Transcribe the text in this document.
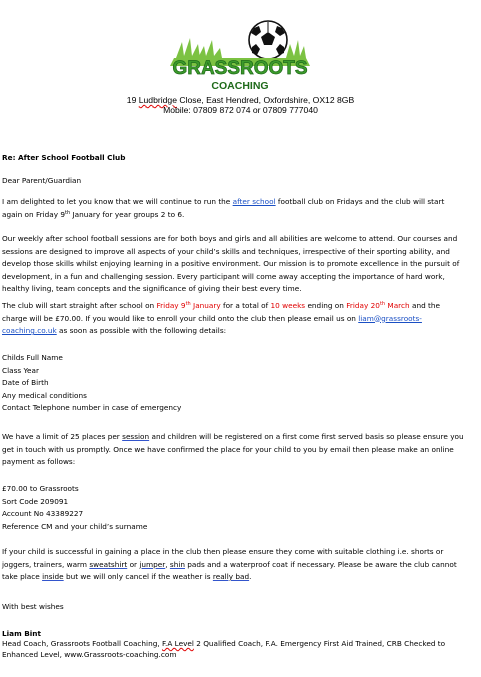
GRASSROOTS
COACHING
19 Ludbridge Close, East Hendred, Oxfordshire, OX12 8GB
Mobile: 07809 872 074 or 07809 777040
Re: After School Football Club
Dear Parent/Guardian
I am delighted to let you know that we will continue to run the after school football club on Fridays and the club will start
again on Friday 9th January for year groups 2 to 6.
Our weekly after school football sessions are for both boys and girls and all abilities are welcome to attend. Our courses and
sessions are designed to improve all aspects of your child’s skills and techniques, irrespective of their sporting ability, and
develop those skills whilst enjoying learning in a positive environment. Our mission is to promote excellence in the pursuit of
development, in a fun and challenging session. Every participant will come away accepting the importance of hard work,
healthy living, team concepts and the significance of giving their best every time.
The club will start straight after school on Friday 9th January for a total of 10 weeks ending on Friday 20th March and the
charge will be £70.00. If you would like to enroll your child onto the club then please email us on liam@grassroots-
coaching.co.uk as soon as possible with the following details:
Childs Full Name
Class Year
Date of Birth
Any medical conditions
Contact Telephone number in case of emergency
We have a limit of 25 places per session and children will be registered on a first come first served basis so please ensure you
get in touch with us promptly. Once we have confirmed the place for your child to you by email then please make an online
payment as follows:
£70.00 to Grassroots
Sort Code 209091
Account No 43389227
Reference CM and your child’s surname
If your child is successful in gaining a place in the club then please ensure they come with suitable clothing i.e. shorts or
joggers, trainers, warm sweatshirt or jumper, shin pads and a waterproof coat if necessary. Please be aware the club cannot
take place inside but we will only cancel if the weather is really bad.
With best wishes
Liam Bint
Head Coach, Grassroots Football Coaching, F.A Level 2 Qualified Coach, F.A. Emergency First Aid Trained, CRB Checked to
Enhanced Level, www.Grassroots-coaching.com
